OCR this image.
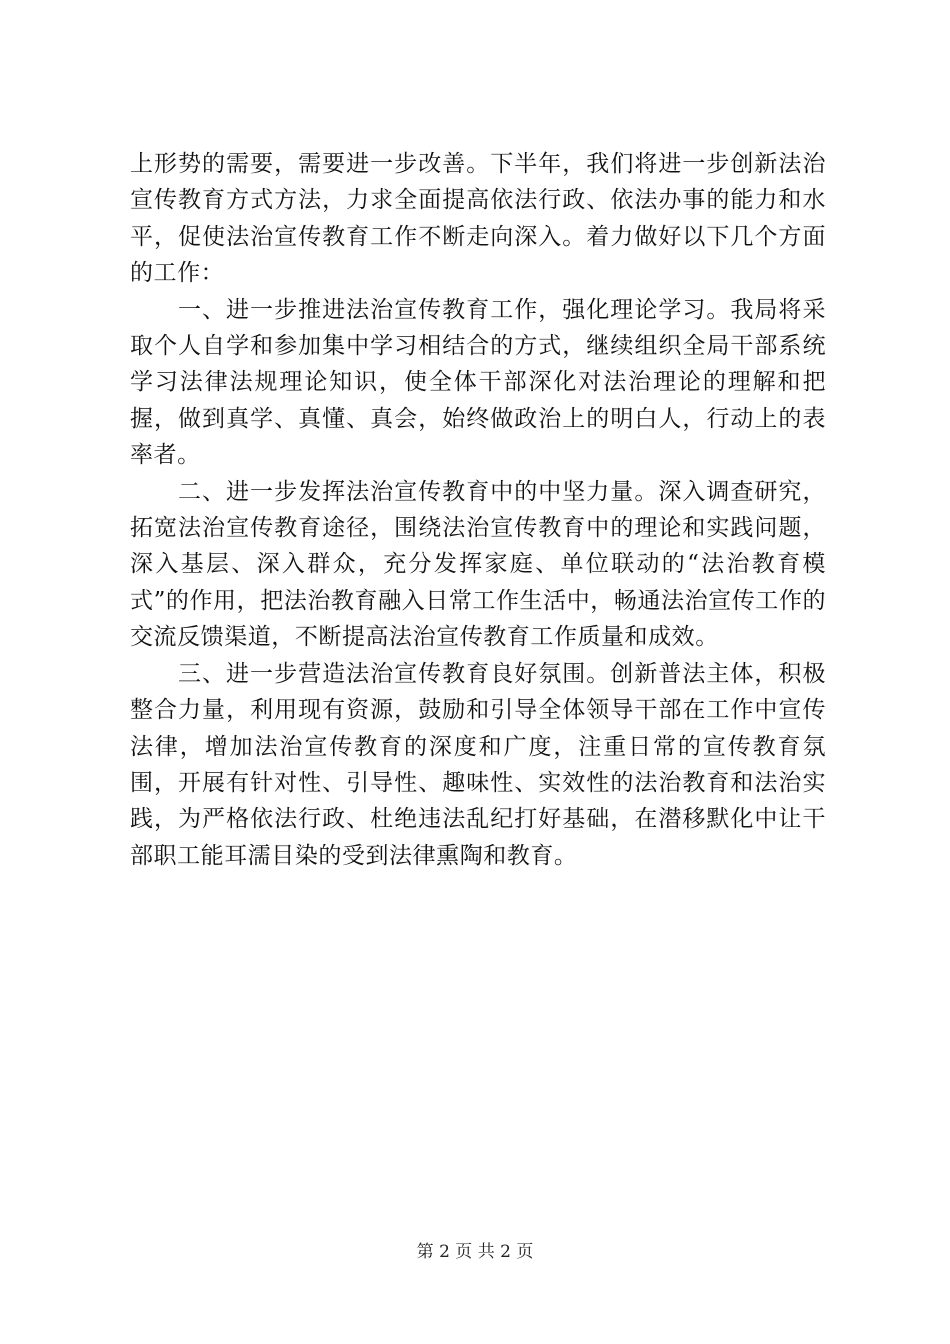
上形势的需要，需要进一步改善。下半年，我们将进一步创新法治宣传教育方式方法，力求全面提高依法行政、依法办事的能力和水平，促使法治宣传教育工作不断走向深入。着力做好以下几个方面的工作：

一、进一步推进法治宣传教育工作，强化理论学习。我局将采取个人自学和参加集中学习相结合的方式，继续组织全局干部系统学习法律法规理论知识，使全体干部深化对法治理论的理解和把握，做到真学、真懂、真会，始终做政治上的明白人，行动上的表率者。

二、进一步发挥法治宣传教育中的中坚力量。深入调查研究，拓宽法治宣传教育途径，围绕法治宣传教育中的理论和实践问题，深入基层、深入群众，充分发挥家庭、单位联动的“法治教育模式”的作用，把法治教育融入日常工作生活中，畅通法治宣传工作的交流反馈渠道，不断提高法治宣传教育工作质量和成效。

三、进一步营造法治宣传教育良好氛围。创新普法主体，积极整合力量，利用现有资源，鼓励和引导全体领导干部在工作中宣传法律，增加法治宣传教育的深度和广度，注重日常的宣传教育氛围，开展有针对性、引导性、趣味性、实效性的法治教育和法治实践，为严格依法行政、杜绝违法乱纪打好基础，在潜移默化中让干部职工能耳濡目染的受到法律熏陶和教育。

第 2 页 共 2 页
